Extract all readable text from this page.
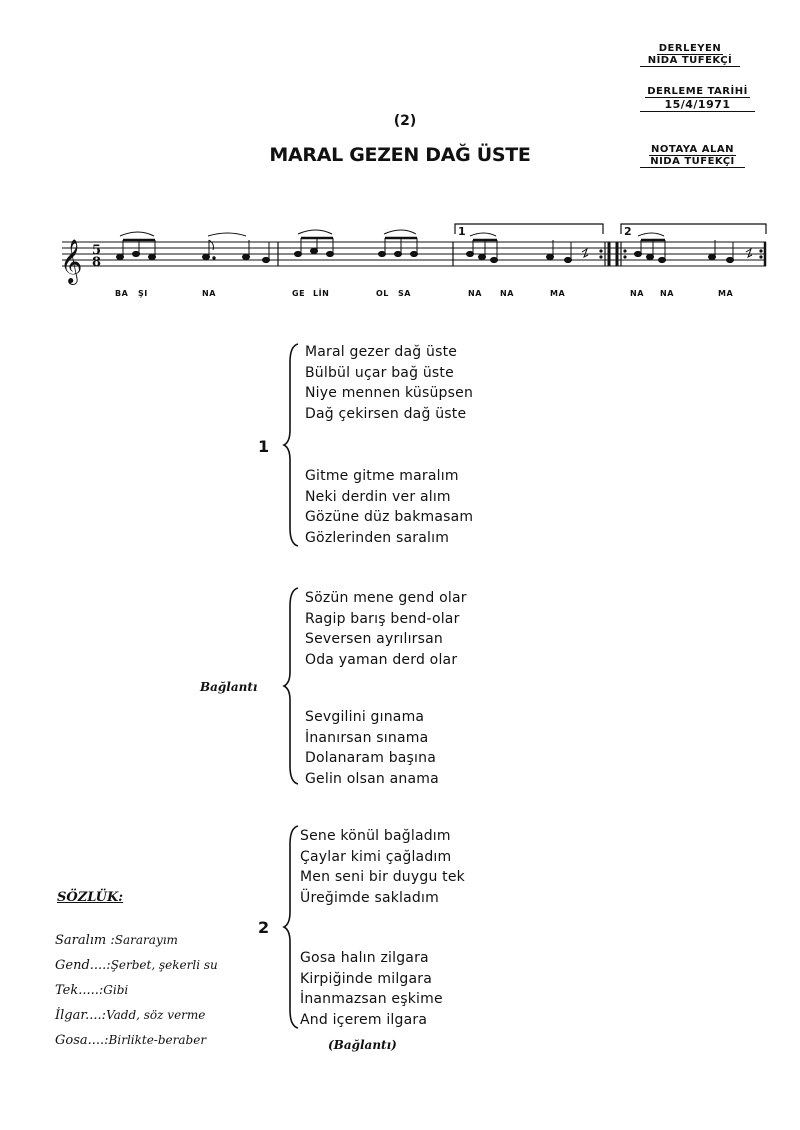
DERLEYEN
NİDA TÜFEKÇİ
DERLEME TARİHİ
15/4/1971
NOTAYA ALAN
NİDA TÜFEKÇİ
(2)
MARAL GEZEN DAĞ ÜSTE
𝄞 5
8
1	2
BA ŞI	NA	GE LİN	OL SA	NA NA	MA	NA NA	MA
1
Maral gezer dağ üste
Bülbül uçar bağ üste
Niye mennen küsüpsen
Dağ çekirsen dağ üste
Gitme gitme maralım
Neki derdin ver alım
Gözüne düz bakmasam
Gözlerinden saralım
Bağlantı
Sözün mene gend olar
Ragip barış bend-olar
Seversen ayrılırsan
Oda yaman derd olar
Sevgilini gınama
İnanırsan sınama
Dolanaram başına
Gelin olsan anama
2
Sene könül bağladım
Çaylar kimi çağladım
Men seni bir duygu tek
Üreğimde sakladım
Gosa halın zilgara
Kirpiğinde milgara
İnanmazsan eşkime
And içerem ilgara
(Bağlantı)
SÖZLÜK:
Saralım :Sararayım
Gend....:Şerbet, şekerli su
Tek.....:Gibi
İlgar....:Vadd, söz verme
Gosa....:Birlikte-beraber
